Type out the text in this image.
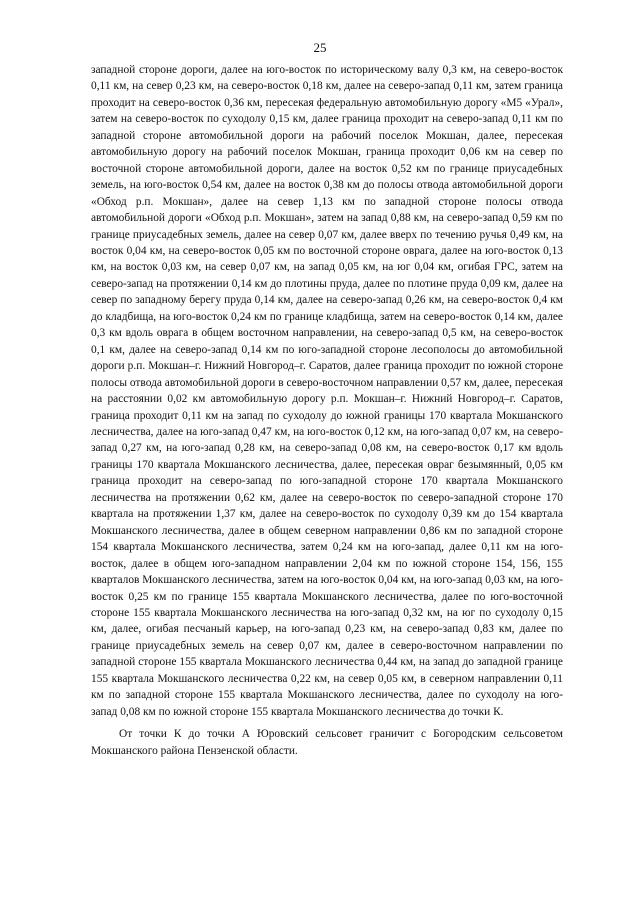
25

западной стороне дороги, далее на юго-восток по историческому валу 0,3 км, на северо-восток 0,11 км, на север 0,23 км, на северо-восток 0,18 км, далее на северо-запад 0,11 км, затем граница проходит на северо-восток 0,36 км, пересекая федеральную автомобильную дорогу «М5 «Урал», затем на северо-восток по суходолу 0,15 км, далее граница проходит на северо-запад 0,11 км по западной стороне автомобильной дороги на рабочий поселок Мокшан, далее, пересекая автомобильную дорогу на рабочий поселок Мокшан, граница проходит 0,06 км на север по восточной стороне автомобильной дороги, далее на восток 0,52 км по границе приусадебных земель, на юго-восток 0,54 км, далее на восток 0,38 км до полосы отвода автомобильной дороги «Обход р.п. Мокшан», далее на север 1,13 км по западной стороне полосы отвода автомобильной дороги «Обход р.п. Мокшан», затем на запад 0,88 км, на северо-запад 0,59 км по границе приусадебных земель, далее на север 0,07 км, далее вверх по течению ручья 0,49 км, на восток 0,04 км, на северо-восток 0,05 км по восточной стороне оврага, далее на юго-восток 0,13 км, на восток 0,03 км, на север 0,07 км, на запад 0,05 км, на юг 0,04 км, огибая ГРС, затем на северо-запад на протяжении 0,14 км до плотины пруда, далее по плотине пруда 0,09 км, далее на север по западному берегу пруда 0,14 км, далее на северо-запад 0,26 км, на северо-восток 0,4 км до кладбища, на юго-восток 0,24 км по границе кладбища, затем на северо-восток 0,14 км, далее 0,3 км вдоль оврага в общем восточном направлении, на северо-запад 0,5 км, на северо-восток 0,1 км, далее на северо-запад 0,14 км по юго-западной стороне лесополосы до автомобильной дороги р.п. Мокшан–г. Нижний Новгород–г. Саратов, далее граница проходит по южной стороне полосы отвода автомобильной дороги в северо-восточном направлении 0,57 км, далее, пересекая на расстоянии 0,02 км автомобильную дорогу р.п. Мокшан–г. Нижний Новгород–г. Саратов, граница проходит 0,11 км на запад по суходолу до южной границы 170 квартала Мокшанского лесничества, далее на юго-запад 0,47 км, на юго-восток 0,12 км, на юго-запад 0,07 км, на северо-запад 0,27 км, на юго-запад 0,28 км, на северо-запад 0,08 км, на северо-восток 0,17 км вдоль границы 170 квартала Мокшанского лесничества, далее, пересекая овраг безымянный, 0,05 км граница проходит на северо-запад по юго-западной стороне 170 квартала Мокшанского лесничества на протяжении 0,62 км, далее на северо-восток по северо-западной стороне 170 квартала на протяжении 1,37 км, далее на северо-восток по суходолу 0,39 км до 154 квартала Мокшанского лесничества, далее в общем северном направлении 0,86 км по западной стороне 154 квартала Мокшанского лесничества, затем 0,24 км на юго-запад, далее 0,11 км на юго-восток, далее в общем юго-западном направлении 2,04 км по южной стороне 154, 156, 155 кварталов Мокшанского лесничества, затем на юго-восток 0,04 км, на юго-запад 0,03 км, на юго-восток 0,25 км по границе 155 квартала Мокшанского лесничества, далее по юго-восточной стороне 155 квартала Мокшанского лесничества на юго-запад 0,32 км, на юг по суходолу 0,15 км, далее, огибая песчаный карьер, на юго-запад 0,23 км, на северо-запад 0,83 км, далее по границе приусадебных земель на север 0,07 км, далее в северо-восточном направлении по западной стороне 155 квартала Мокшанского лесничества 0,44 км, на запад до западной границе 155 квартала Мокшанского лесничества 0,22 км, на север 0,05 км, в северном направлении 0,11 км по западной стороне 155 квартала Мокшанского лесничества, далее по суходолу на юго-запад 0,08 км по южной стороне 155 квартала Мокшанского лесничества до точки К.

От точки К до точки А Юровский сельсовет граничит с Богородским сельсоветом Мокшанского района Пензенской области.
